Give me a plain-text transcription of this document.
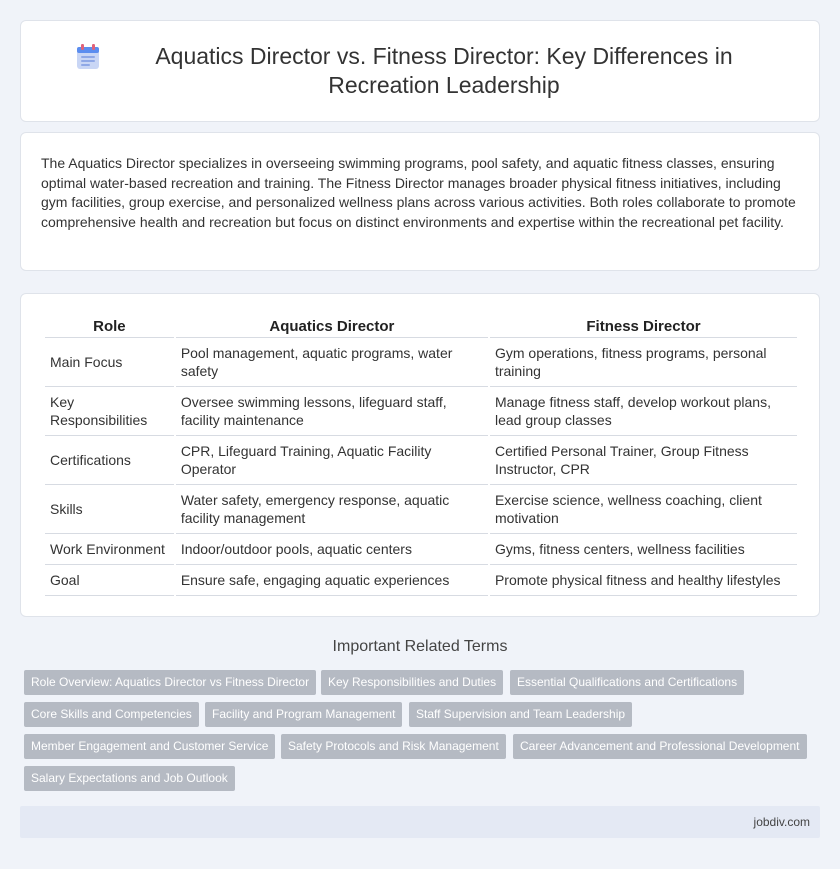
Aquatics Director vs. Fitness Director: Key Differences in Recreation Leadership

The Aquatics Director specializes in overseeing swimming programs, pool safety, and aquatic fitness classes, ensuring optimal water-based recreation and training. The Fitness Director manages broader physical fitness initiatives, including gym facilities, group exercise, and personalized wellness plans across various activities. Both roles collaborate to promote comprehensive health and recreation but focus on distinct environments and expertise within the recreational pet facility.

Role	Aquatics Director	Fitness Director
Main Focus	Pool management, aquatic programs, water safety	Gym operations, fitness programs, personal training
Key Responsibilities	Oversee swimming lessons, lifeguard staff, facility maintenance	Manage fitness staff, develop workout plans, lead group classes
Certifications	CPR, Lifeguard Training, Aquatic Facility Operator	Certified Personal Trainer, Group Fitness Instructor, CPR
Skills	Water safety, emergency response, aquatic facility management	Exercise science, wellness coaching, client motivation
Work Environment	Indoor/outdoor pools, aquatic centers	Gyms, fitness centers, wellness facilities
Goal	Ensure safe, engaging aquatic experiences	Promote physical fitness and healthy lifestyles
Important Related Terms
Role Overview: Aquatics Director vs Fitness Director	Key Responsibilities and Duties	Essential Qualifications and Certifications
Core Skills and Competencies	Facility and Program Management	Staff Supervision and Team Leadership
Member Engagement and Customer Service	Safety Protocols and Risk Management	Career Advancement and Professional Development
Salary Expectations and Job Outlook
jobdiv.com
